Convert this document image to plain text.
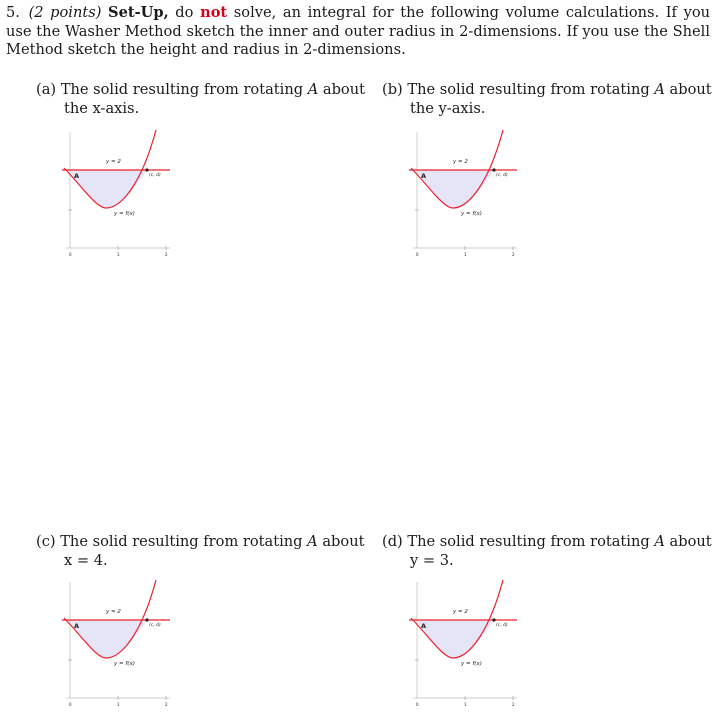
5. (2 points) Set-Up, do not solve, an integral for the following volume calculations. If you use the Washer Method sketch the inner and outer radius in 2-dimensions. If you use the Shell Method sketch the height and radius in 2-dimensions.
(a) The solid resulting from rotating A about
the x-axis.
(b) The solid resulting from rotating A about
the y-axis.
(c) The solid resulting from rotating A about
x = 4.
(d) The solid resulting from rotating A about
y = 3.
y = 2
A	(c, d)
y = f(x)
0	1	2
y = 2
A	(c, d)
y = f(x)
0	1	2
y = 2
A	(c, d)
y = f(x)
0	1	2
y = 2
A	(c, d)
y = f(x)
0	1	2
